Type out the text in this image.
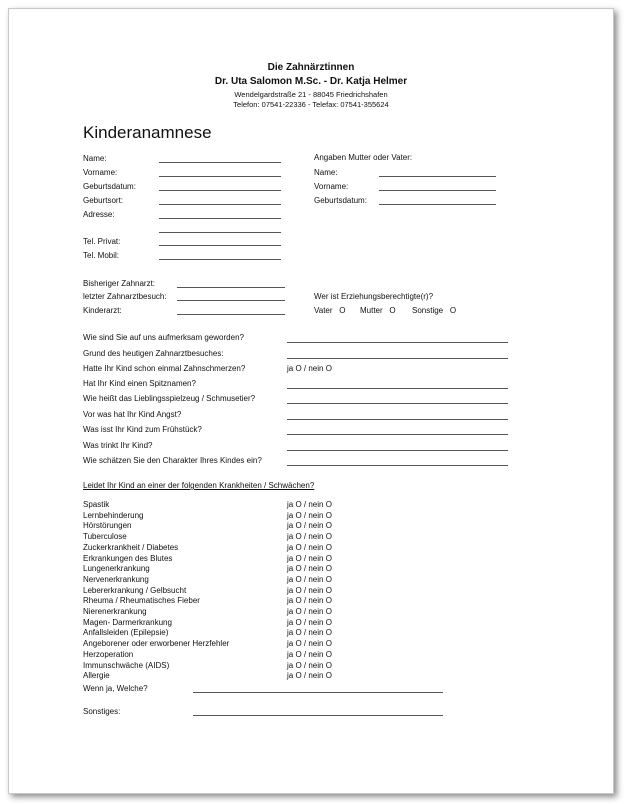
Die Zahnärztinnen
Dr. Uta Salomon M.Sc. - Dr. Katja Helmer
Wendelgardstraße 21 - 88045 Friedrichshafen
Telefon: 07541-22336 - Telefax: 07541-355624
Kinderanamnese
Name:
Vorname:
Geburtsdatum:
Geburtsort:
Adresse:
Tel. Privat:
Tel. Mobil:
Angaben Mutter oder Vater:
Name:
Vorname:
Geburtsdatum:
Bisheriger Zahnarzt:
letzter Zahnarztbesuch:
Kinderarzt:
Wer ist Erziehungsberechtigte(r)?
Vater O Mutter O Sonstige O
Wie sind Sie auf uns aufmerksam geworden?
Grund des heutigen Zahnarztbesuches:
Hatte Ihr Kind schon einmal Zahnschmerzen?	ja O / nein O
Hat Ihr Kind einen Spitznamen?
Wie heißt das Lieblingsspielzeug / Schmusetier?
Vor was hat Ihr Kind Angst?
Was isst Ihr Kind zum Frühstück?
Was trinkt Ihr Kind?
Wie schätzen Sie den Charakter Ihres Kindes ein?
Leidet Ihr Kind an einer der folgenden Krankheiten / Schwächen?
Spastik	ja O / nein O
Lernbehinderung	ja O / nein O
Hörstörungen	ja O / nein O
Tuberculose	ja O / nein O
Zuckerkrankheit / Diabetes	ja O / nein O
Erkrankungen des Blutes	ja O / nein O
Lungenerkrankung	ja O / nein O
Nervenerkrankung	ja O / nein O
Lebererkrankung / Gelbsucht	ja O / nein O
Rheuma / Rheumatisches Fieber	ja O / nein O
Nierenerkrankung	ja O / nein O
Magen- Darmerkrankung	ja O / nein O
Anfallsleiden (Epilepsie)	ja O / nein O
Angeborener oder erworbener Herzfehler	ja O / nein O
Herzoperation	ja O / nein O
Immunschwäche (AIDS)	ja O / nein O
Allergie	ja O / nein O
Wenn ja, Welche?
Sonstiges:
